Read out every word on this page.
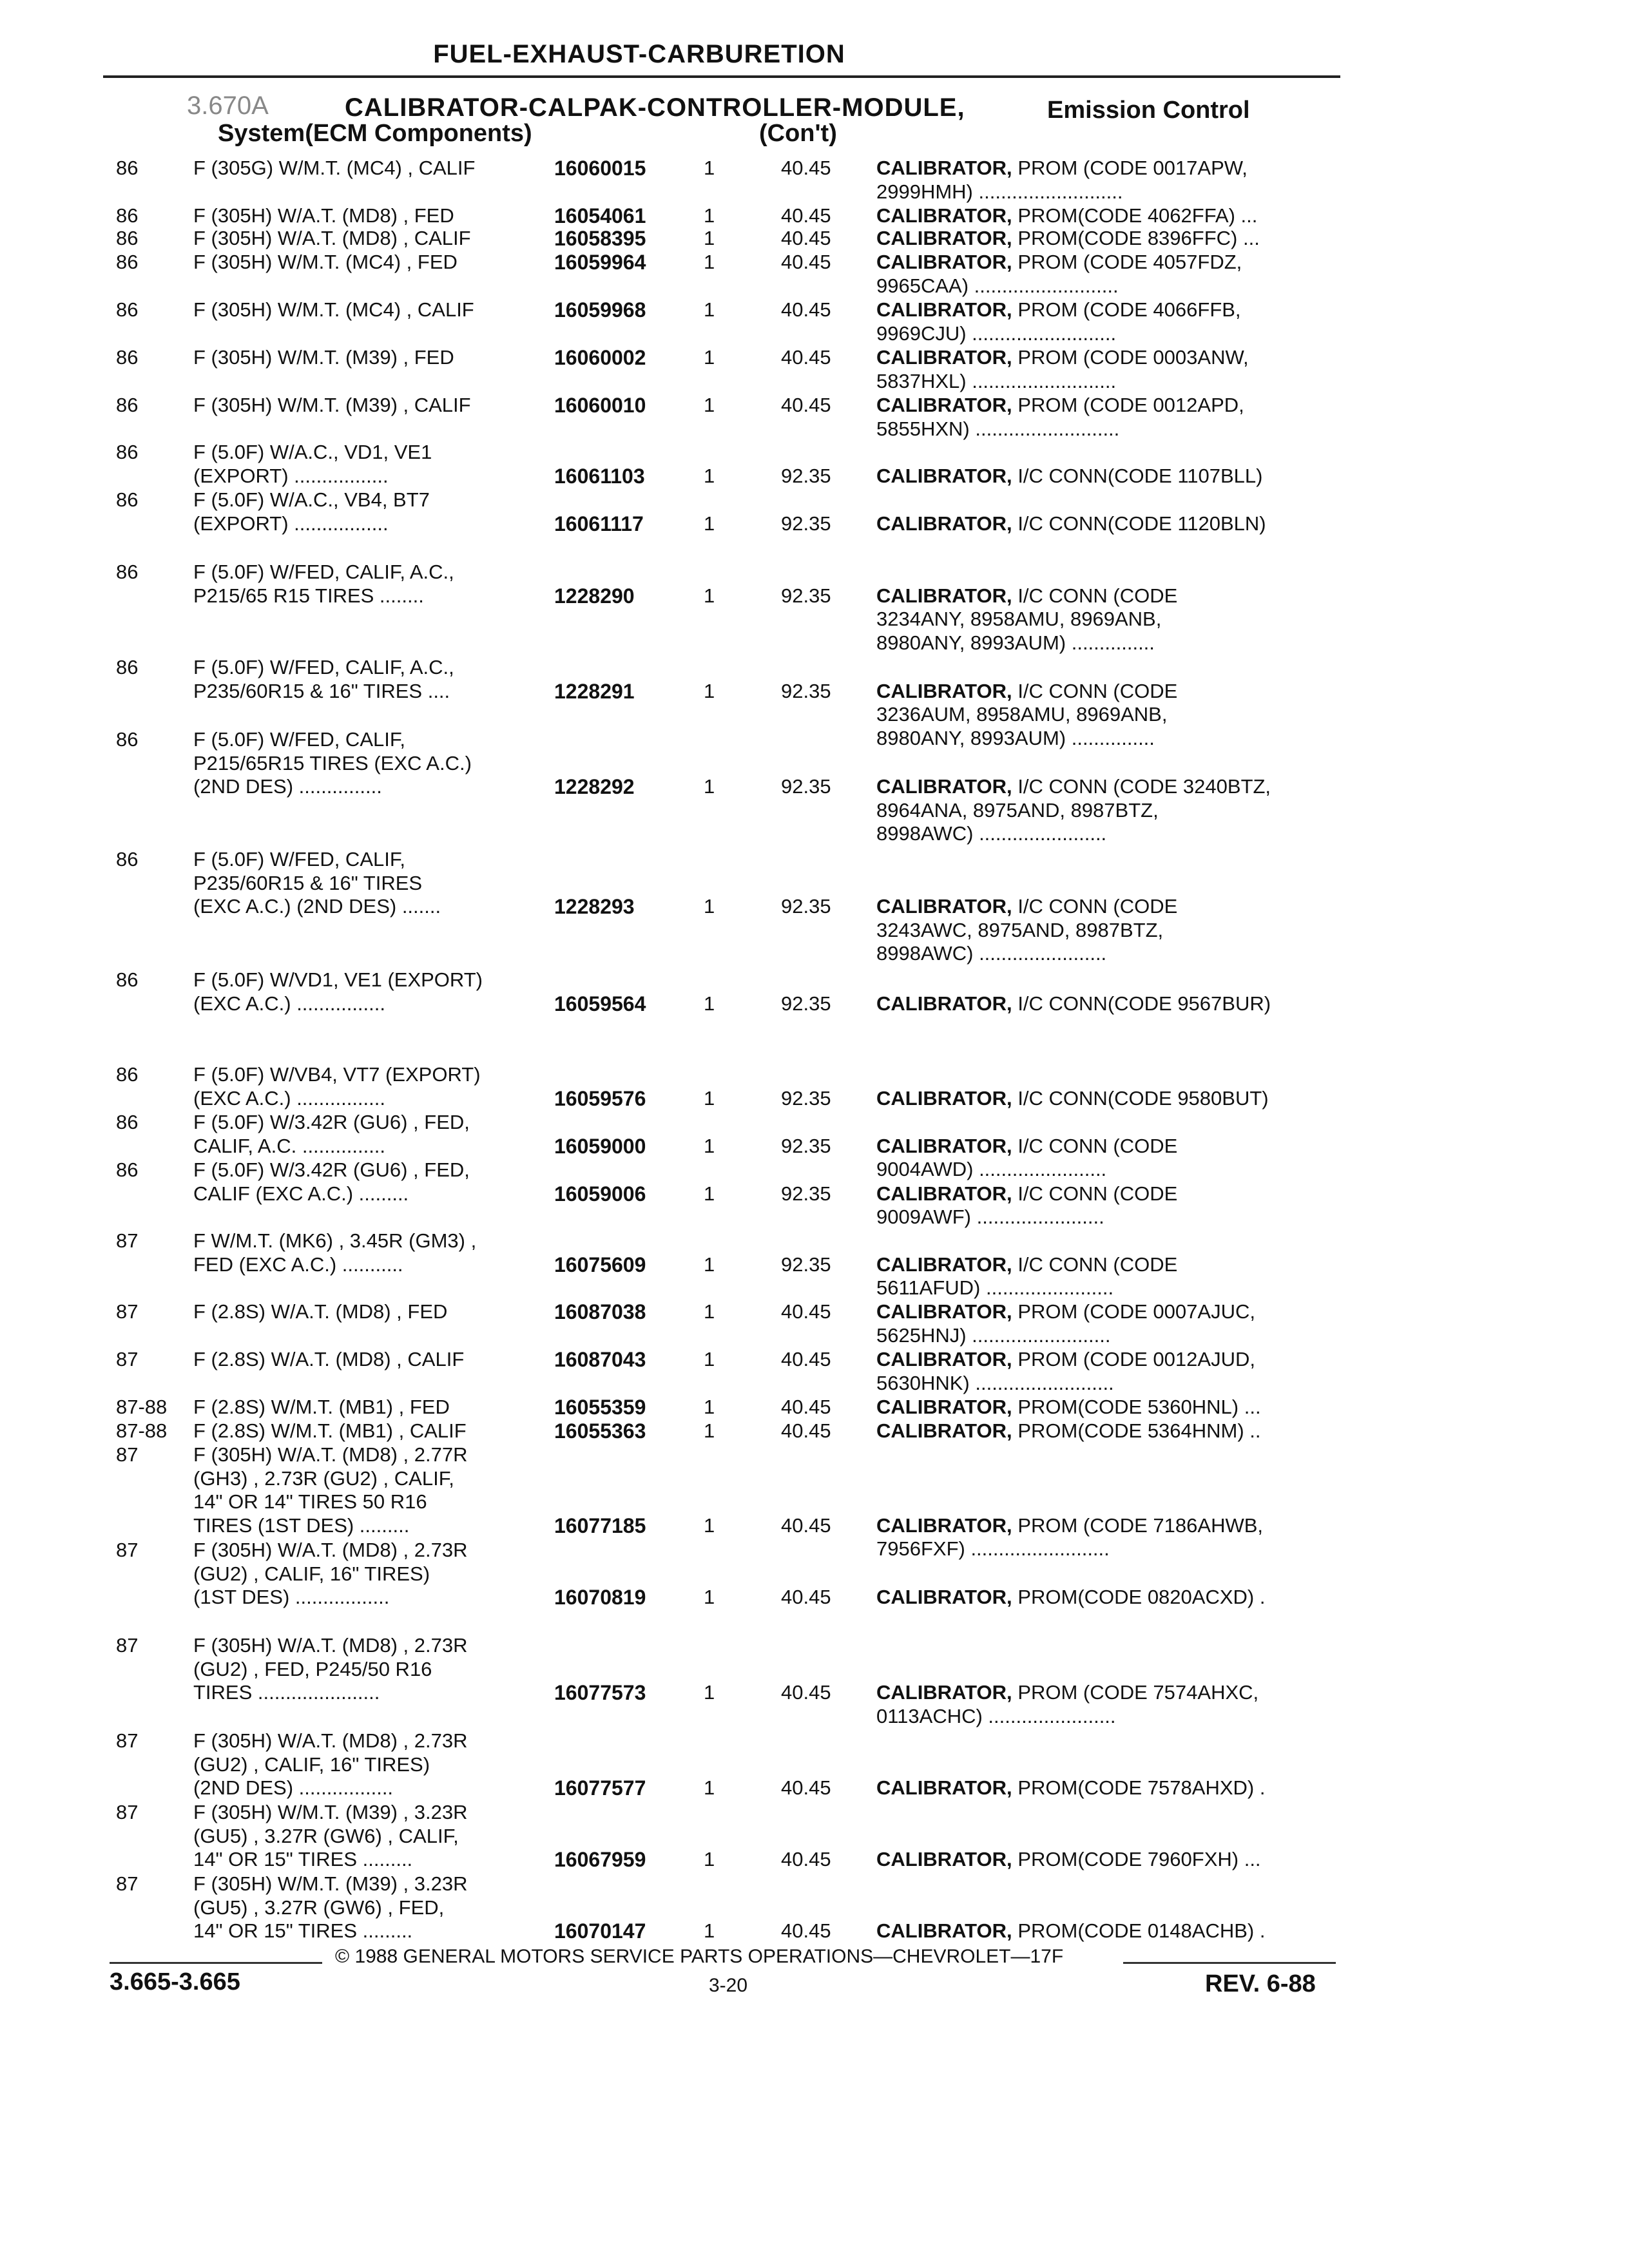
FUEL-EXHAUST-CARBURETION
3.670A	CALIBRATOR-CALPAK-CONTROLLER-MODULE,	Emission Control
System(ECM Components)	(Con't)
86	F (305G) W/M.T. (MC4) , CALIF	16060015	1	40.45	CALIBRATOR, PROM (CODE 0017APW,
2999HMH) ..........................
86	F (305H) W/A.T. (MD8) , FED	16054061	1	40.45	CALIBRATOR, PROM(CODE 4062FFA) ...
86	F (305H) W/A.T. (MD8) , CALIF	16058395	1	40.45	CALIBRATOR, PROM(CODE 8396FFC) ...
86	F (305H) W/M.T. (MC4) , FED	16059964	1	40.45	CALIBRATOR, PROM (CODE 4057FDZ,
9965CAA) ..........................
86	F (305H) W/M.T. (MC4) , CALIF	16059968	1	40.45	CALIBRATOR, PROM (CODE 4066FFB,
9969CJU) ..........................
86	F (305H) W/M.T. (M39) , FED	16060002	1	40.45	CALIBRATOR, PROM (CODE 0003ANW,
5837HXL) ..........................
86	F (305H) W/M.T. (M39) , CALIF	16060010	1	40.45	CALIBRATOR, PROM (CODE 0012APD,
5855HXN) ..........................
86	F (5.0F) W/A.C., VD1, VE1
(EXPORT) .................	16061103	1	92.35	CALIBRATOR, I/C CONN(CODE 1107BLL)
86	F (5.0F) W/A.C., VB4, BT7
(EXPORT) .................	16061117	1	92.35	CALIBRATOR, I/C CONN(CODE 1120BLN)
86	F (5.0F) W/FED, CALIF, A.C.,
P215/65 R15 TIRES ........	1228290	1	92.35	CALIBRATOR, I/C CONN (CODE
3234ANY, 8958AMU, 8969ANB,
8980ANY, 8993AUM) ...............
86	F (5.0F) W/FED, CALIF, A.C.,
P235/60R15 & 16" TIRES ....	1228291	1	92.35	CALIBRATOR, I/C CONN (CODE
3236AUM, 8958AMU, 8969ANB,
8980ANY, 8993AUM) ...............
86	F (5.0F) W/FED, CALIF,
P215/65R15 TIRES (EXC A.C.)
(2ND DES) ...............	1228292	1	92.35	CALIBRATOR, I/C CONN (CODE 3240BTZ,
8964ANA, 8975AND, 8987BTZ,
8998AWC) .......................
86	F (5.0F) W/FED, CALIF,
P235/60R15 & 16" TIRES
(EXC A.C.) (2ND DES) .......	1228293	1	92.35	CALIBRATOR, I/C CONN (CODE
3243AWC, 8975AND, 8987BTZ,
8998AWC) .......................
86	F (5.0F) W/VD1, VE1 (EXPORT)
(EXC A.C.) ................	16059564	1	92.35	CALIBRATOR, I/C CONN(CODE 9567BUR)
86	F (5.0F) W/VB4, VT7 (EXPORT)
(EXC A.C.) ................	16059576	1	92.35	CALIBRATOR, I/C CONN(CODE 9580BUT)
86	F (5.0F) W/3.42R (GU6) , FED,
CALIF, A.C. ...............	16059000	1	92.35	CALIBRATOR, I/C CONN (CODE
9004AWD) .......................
86	F (5.0F) W/3.42R (GU6) , FED,
CALIF (EXC A.C.) .........	16059006	1	92.35	CALIBRATOR, I/C CONN (CODE
9009AWF) .......................
87	F W/M.T. (MK6) , 3.45R (GM3) ,
FED (EXC A.C.) ...........	16075609	1	92.35	CALIBRATOR, I/C CONN (CODE
5611AFUD) .......................
87	F (2.8S) W/A.T. (MD8) , FED	16087038	1	40.45	CALIBRATOR, PROM (CODE 0007AJUC,
5625HNJ) .........................
87	F (2.8S) W/A.T. (MD8) , CALIF	16087043	1	40.45	CALIBRATOR, PROM (CODE 0012AJUD,
5630HNK) .........................
87-88 F (2.8S) W/M.T. (MB1) , FED	16055359	1	40.45	CALIBRATOR, PROM(CODE 5360HNL) ...
87-88 F (2.8S) W/M.T. (MB1) , CALIF	16055363	1	40.45	CALIBRATOR, PROM(CODE 5364HNM) ..
87	F (305H) W/A.T. (MD8) , 2.77R
(GH3) , 2.73R (GU2) , CALIF,
14" OR 14" TIRES 50 R16
TIRES (1ST DES) .........	16077185	1	40.45	CALIBRATOR, PROM (CODE 7186AHWB,
7956FXF) .........................
87	F (305H) W/A.T. (MD8) , 2.73R
(GU2) , CALIF, 16" TIRES)
(1ST DES) .................	16070819	1	40.45	CALIBRATOR, PROM(CODE 0820ACXD) .
87	F (305H) W/A.T. (MD8) , 2.73R
(GU2) , FED, P245/50 R16
TIRES ......................	16077573	1	40.45	CALIBRATOR, PROM (CODE 7574AHXC,
0113ACHC) .......................
87	F (305H) W/A.T. (MD8) , 2.73R
(GU2) , CALIF, 16" TIRES)
(2ND DES) .................	16077577	1	40.45	CALIBRATOR, PROM(CODE 7578AHXD) .
87	F (305H) W/M.T. (M39) , 3.23R
(GU5) , 3.27R (GW6) , CALIF,
14" OR 15" TIRES .........	16067959	1	40.45	CALIBRATOR, PROM(CODE 7960FXH) ...
87	F (305H) W/M.T. (M39) , 3.23R
(GU5) , 3.27R (GW6) , FED,
14" OR 15" TIRES .........	16070147	1	40.45	CALIBRATOR, PROM(CODE 0148ACHB) .
© 1988 GENERAL MOTORS SERVICE PARTS OPERATIONS—CHEVROLET—17F
3.665-3.665	3-20	REV. 6-88
